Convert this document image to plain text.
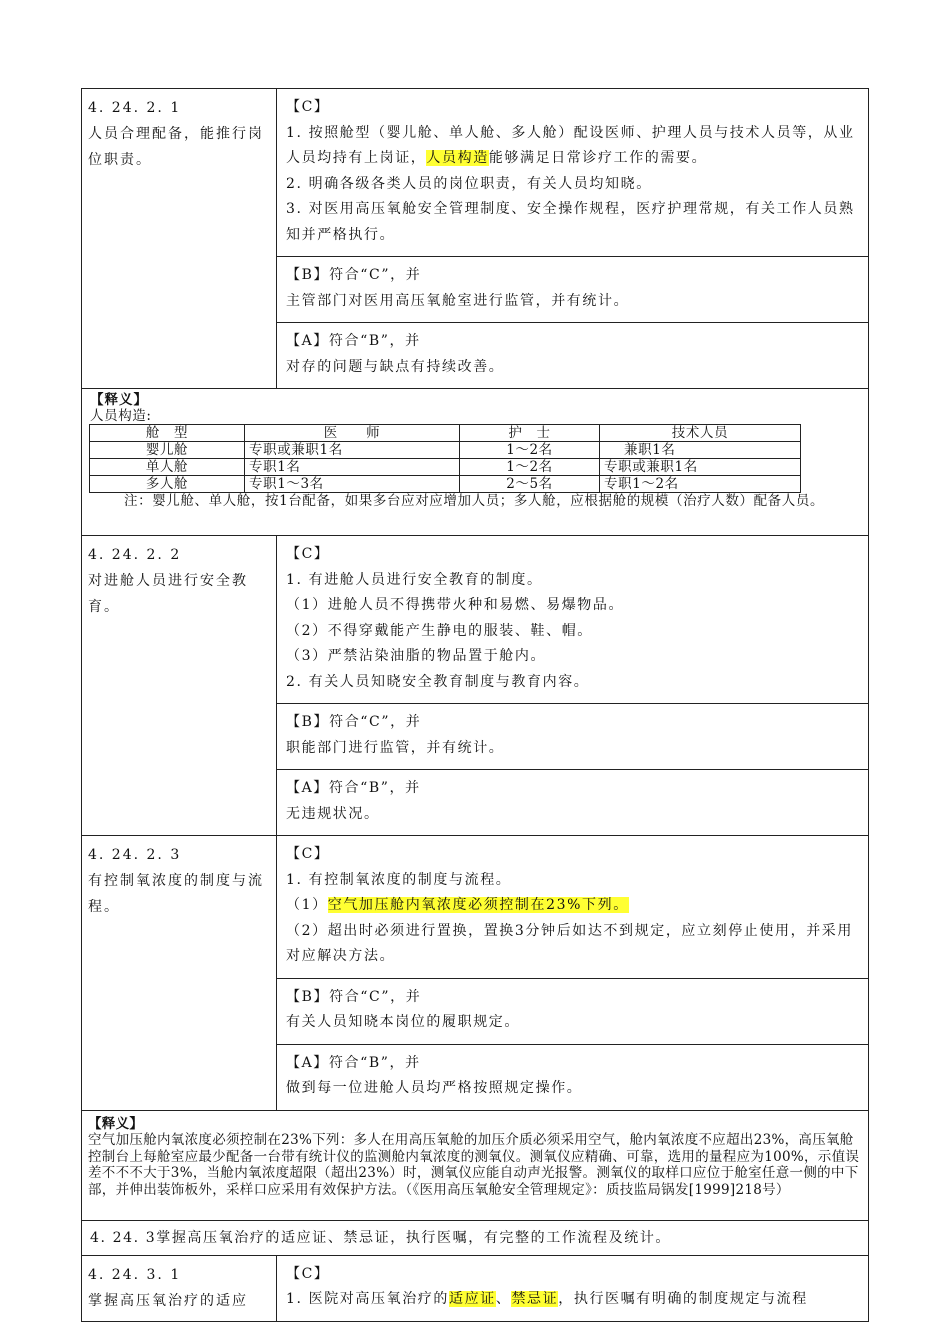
4. 24. 2. 1
人员合理配备，能推行岗位职责。

【C】
1. 按照舱型（婴儿舱、单人舱、多人舱）配设医师、护理人员与技术人员等，从业人员均持有上岗证，人员构造能够满足日常诊疗工作的需要。
2. 明确各级各类人员的岗位职责，有关人员均知晓。
3. 对医用高压氧舱安全管理制度、安全操作规程，医疗护理常规，有关工作人员熟知并严格执行。

【B】符合“C”，并
主管部门对医用高压氧舱室进行监管，并有统计。

【A】符合“B”，并
对存的问题与缺点有持续改善。

【释义】
人员构造:
舱　型	医　　师	护　士	技术人员
婴儿舱	专职或兼职1名	1～2名	兼职1名
单人舱	专职1名	1～2名	专职或兼职1名
多人舱	专职1～3名	2～5名	专职1～2名
注：婴儿舱、单人舱，按1台配备，如果多台应对应增加人员；多人舱，应根据舱的规模（治疗人数）配备人员。

4. 24. 2. 2
对进舱人员进行安全教育。

【C】
1. 有进舱人员进行安全教育的制度。
（1）进舱人员不得携带火种和易燃、易爆物品。
（2）不得穿戴能产生静电的服装、鞋、帽。
（3）严禁沾染油脂的物品置于舱内。
2. 有关人员知晓安全教育制度与教育内容。

【B】符合“C”，并
职能部门进行监管，并有统计。

【A】符合“B”，并
无违规状况。

4. 24. 2. 3
有控制氧浓度的制度与流程。

【C】
1. 有控制氧浓度的制度与流程。
（1）空气加压舱内氧浓度必须控制在23%下列。
（2）超出时必须进行置换，置换3分钟后如达不到规定，应立刻停止使用，并采用对应解决方法。

【B】符合“C”，并
有关人员知晓本岗位的履职规定。

【A】符合“B”，并
做到每一位进舱人员均严格按照规定操作。

【释义】
空气加压舱内氧浓度必须控制在23%下列：多人在用高压氧舱的加压介质必须采用空气，舱内氧浓度不应超出23%，高压氧舱控制台上每舱室应最少配备一台带有统计仪的监测舱内氧浓度的测氧仪。测氧仪应精确、可靠，选用的量程应为100%，示值误差不不不大于3%，当舱内氧浓度超限（超出23%）时，测氧仪应能自动声光报警。测氧仪的取样口应位于舱室任意一侧的中下部，并伸出装饰板外，采样口应采用有效保护方法。（《医用高压氧舱安全管理规定》：质技监局锅发[1999]218号）

4. 24. 3掌握高压氧治疗的适应证、禁忌证，执行医嘱，有完整的工作流程及统计。

4. 24. 3. 1
掌握高压氧治疗的适应

【C】
1. 医院对高压氧治疗的适应证、禁忌证，执行医嘱有明确的制度规定与流程
